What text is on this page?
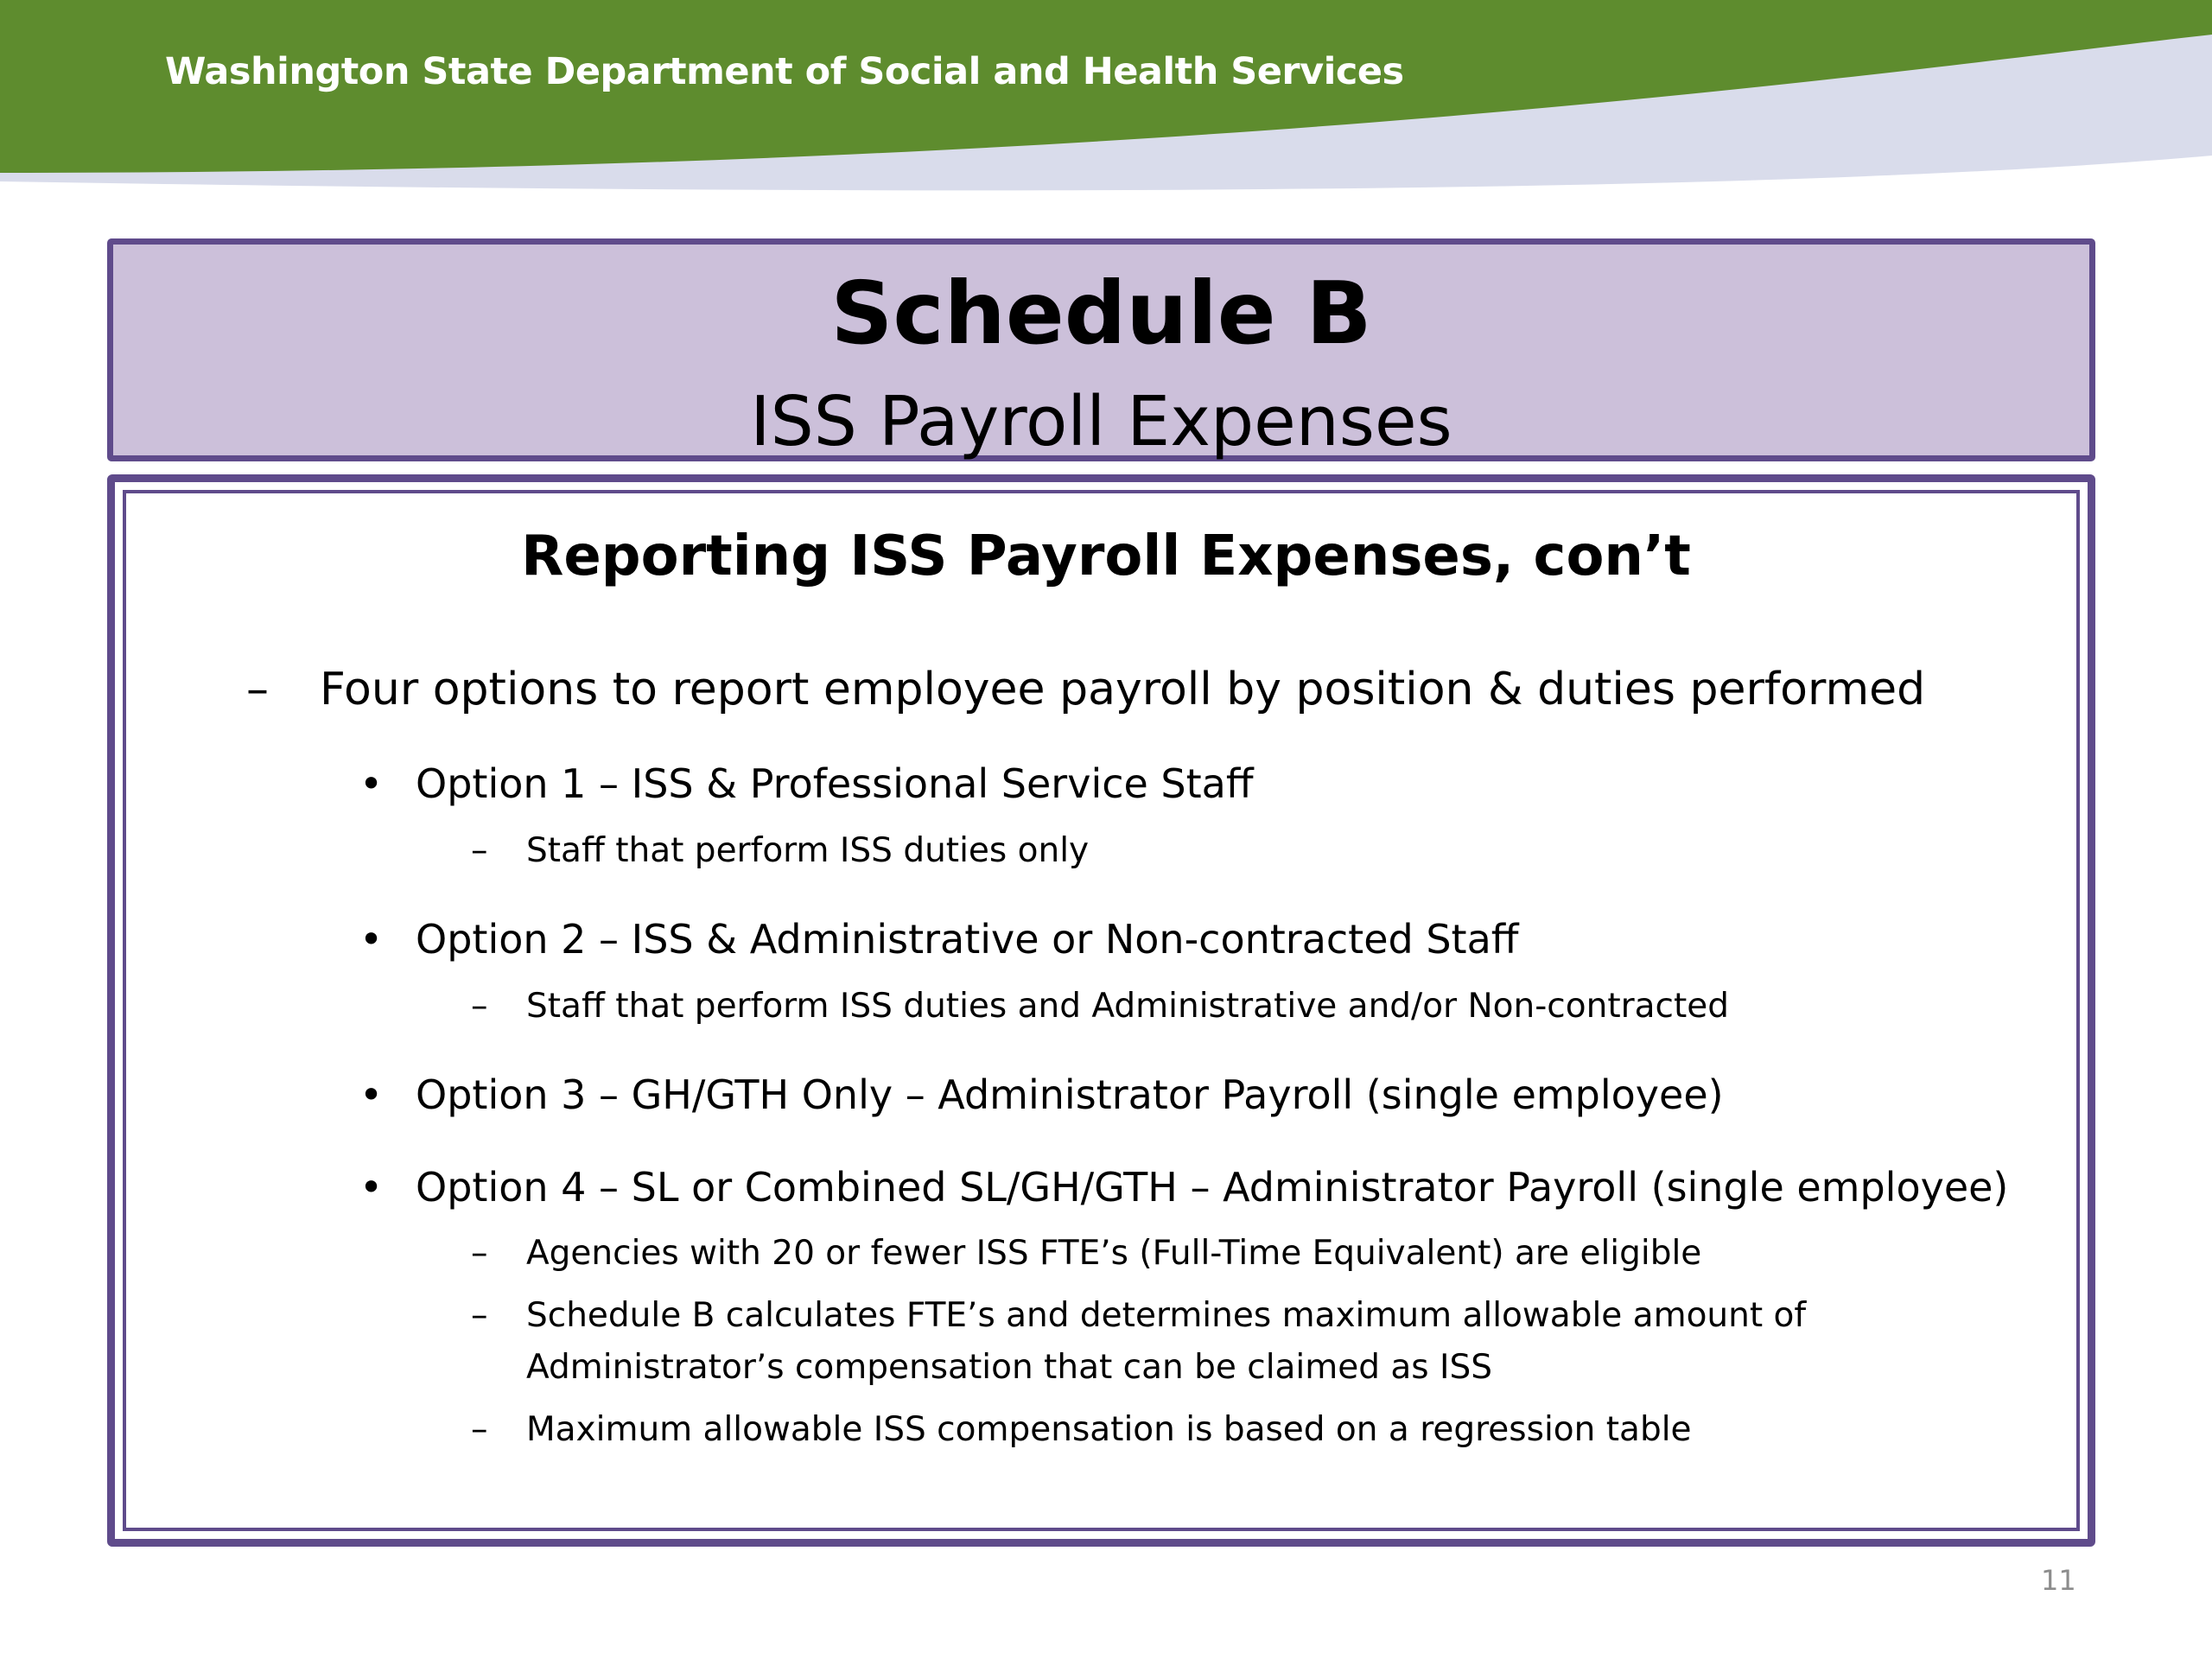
Washington State Department of Social and Health Services
Schedule B
ISS Payroll Expenses
Reporting ISS Payroll Expenses, con’t
– Four options to report employee payroll by position & duties performed
• Option 1 – ISS & Professional Service Staff
– Staff that perform ISS duties only
• Option 2 – ISS & Administrative or Non-contracted Staff
– Staff that perform ISS duties and Administrative and/or Non-contracted
• Option 3 – GH/GTH Only – Administrator Payroll (single employee)
• Option 4 – SL or Combined SL/GH/GTH – Administrator Payroll (single employee)
– Agencies with 20 or fewer ISS FTE’s (Full-Time Equivalent) are eligible
– Schedule B calculates FTE’s and determines maximum allowable amount of
Administrator’s compensation that can be claimed as ISS
– Maximum allowable ISS compensation is based on a regression table
11
